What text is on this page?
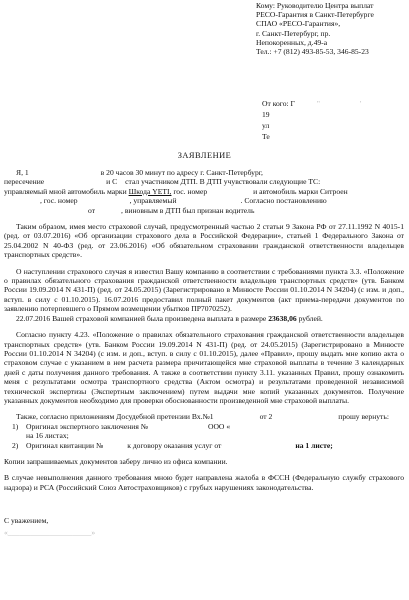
Кому: Руководителю Центра выплат
РЕСО-Гарантия в Санкт-Петербурге
СПАО «РЕСО-Гарантия»,
г. Санкт-Петербург, пр.
Непокоренных, д.49-а
Тел.: +7 (812) 493-85-53, 346-85-23
От кого: Г	"	'
19
ул
Те
ЗАЯВЛЕНИЕ
Я, 1	в 20 часов 30 минут по адресу г. Санкт-Петербург,
пересечение	и С стал участником ДТП. В ДТП учувствовали следующие ТС:
управляемый мной автомобиль марки Шкода YETI, гос. номер	и автомобиль марки Ситроен
, гос. номер	, управляемый	. Согласно постановлению
от	, виновным в ДТП был признан водитель

Таким образом, имея место страховой случай, предусмотренный частью 2 статьи 9 Закона РФ от 27.11.1992 N 4015-1 (ред. от 03.07.2016) «Об организации страхового дела в Российской Федерации», статьей 1 Федерального Закона от 25.04.2002 N 40-ФЗ (ред. от 23.06.2016) «Об обязательном страховании гражданской ответственности владельцев транспортных средств».

О наступлении страхового случая я известил Вашу компанию в соответствии с требованиями пункта 3.3. «Положение о правилах обязательного страхования гражданской ответственности владельцев транспортных средств» (утв. Банком России 19.09.2014 N 431-П) (ред. от 24.05.2015) (Зарегистрировано в Минюсте России 01.10.2014 N 34204) (с изм. и доп., вступ. в силу с 01.10.2015). 16.07.2016 предоставил полный пакет документов (акт приема-передачи документов по заявлению потерпевшего о Прямом возмещении убытков ПР7070252).

22.07.2016 Вашей страховой компанией была произведена выплата в размере 23638,06 рублей.

Согласно пункту 4.23. «Положение о правилах обязательного страхования гражданской ответственности владельцев транспортных средств» (утв. Банком России 19.09.2014 N 431-П) (ред. от 24.05.2015) (Зарегистрировано в Минюсте России 01.10.2014 N 34204) (с изм. и доп., вступ. в силу с 01.10.2015), далее «Правил», прошу выдать мне копию акта о страховом случае с указанием в нем расчета размера причитающейся мне страховой выплаты в течение 3 календарных дней с даты получения данного требования. А также в соответствии пункту 3.11. указанных Правил, прошу ознакомить меня с результатами осмотра транспортного средства (Актом осмотра) и результатами проведенной независимой технической экспертизы (Экспертным заключением) путем выдачи мне копий указанных документов. Получение указанных документов необходимо для проверки обоснованности произведенной мне страховой выплаты.

Также, согласно приложениям Досудебной претензии Вх.№1	от 2	прошу вернуть:
1) Оригинал экспертного заключения №	ООО «
на 16 листах;
2) Оригинал квитанции №	к договору оказания услуг от	на 1 листе;

Копии запрашиваемых документов заберу лично из офиса компании.

В случае невыполнения данного требования мною будет направлена жалоба в ФССН (Федеральную службу страхового надзора) и РСА (Российский Союз Автостраховщиков) с грубых нарушениях законодательства.

С уважением,
«______________________»
